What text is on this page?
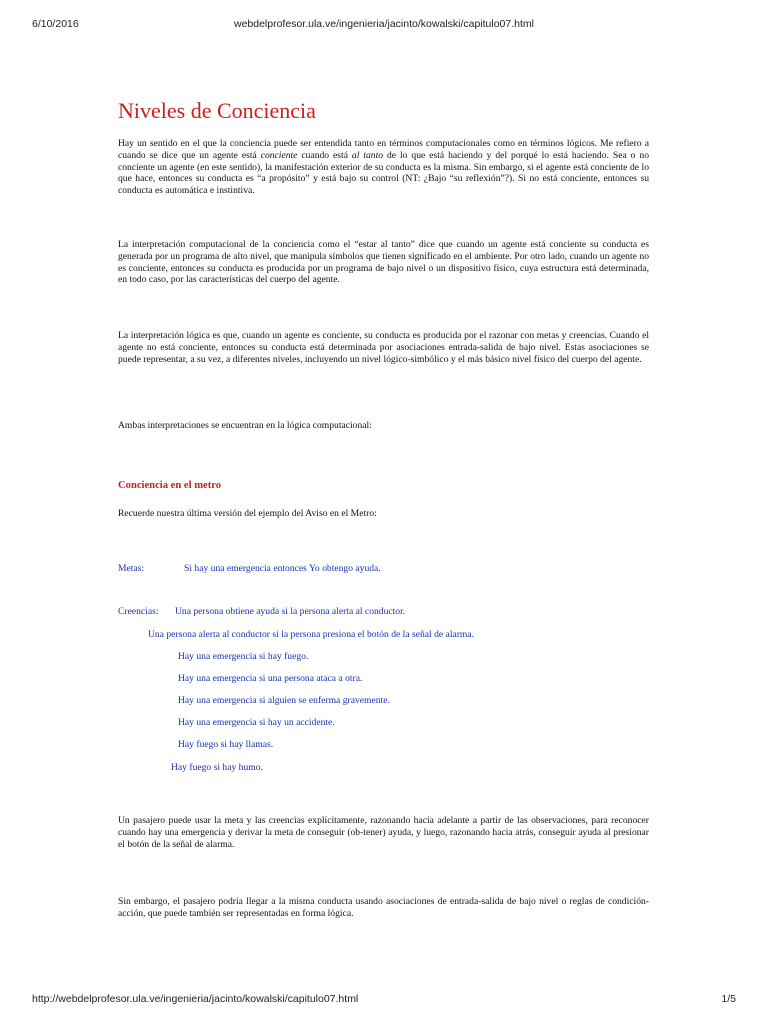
6/10/2016	webdelprofesor.ula.ve/ingenieria/jacinto/kowalski/capitulo07.html
Niveles de Conciencia

Hay un sentido en el que la conciencia puede ser entendida tanto en términos computacionales como en términos lógicos. Me refiero a cuando se dice que un agente está conciente cuando está al tanto de lo que está haciendo y del porqué lo está haciendo. Sea o no conciente un agente (en este sentido), la manifestación exterior de su conducta es la misma. Sin embargo, si el agente está conciente de lo que hace, entonces su conducta es “a propósito” y está bajo su control (NT: ¿Bajo “su reflexión”?). Si no está conciente, entonces su conducta es automática e instintiva.

La interpretación computacional de la conciencia como el “estar al tanto” dice que cuando un agente está conciente su conducta es generada por un programa de alto nivel, que manipula símbolos que tienen significado en el ambiente. Por otro lado, cuando un agente no es conciente, entonces su conducta es producida por un programa de bajo nivel o un dispositivo físico, cuya estructura está determinada, en todo caso, por las características del cuerpo del agente.

La interpretación lógica es que, cuando un agente es conciente, su conducta es producida por el razonar con metas y creencias. Cuando el agente no está conciente, entonces su conducta está determinada por asociaciones entrada-salida de bajo nivel. Estas asociaciones se puede representar, a su vez, a diferentes niveles, incluyendo un nivel lógico-simbólico y el más básico nivel físico del cuerpo del agente.

Ambas interpretaciones se encuentran en la lógica computacional:

Conciencia en el metro

Recuerde nuestra última versión del ejemplo del Aviso en el Metro:

Metas:	Si hay una emergencia entonces Yo obtengo ayuda.

Creencias: Una persona obtiene ayuda si la persona alerta al conductor.

Una persona alerta al conductor si la persona presiona el botón de la señal de alarma.

Hay una emergencia si hay fuego.

Hay una emergencia si una persona ataca a otra.

Hay una emergencia si alguien se enferma gravemente.

Hay una emergencia si hay un accidente.

Hay fuego si hay llamas.

Hay fuego si hay humo.

Un pasajero puede usar la meta y las creencias explícitamente, razonando hacia adelante a partir de las observaciones, para reconocer cuando hay una emergencia y derivar la meta de conseguir (ob-tener) ayuda, y luego, razonando hacia atrás, conseguir ayuda al presionar el botón de la señal de alarma.

Sin embargo, el pasajero podría llegar a la misma conducta usando asociaciones de entrada-salida de bajo nivel o reglas de condición-acción, que puede también ser representadas en forma lógica.

http://webdelprofesor.ula.ve/ingenieria/jacinto/kowalski/capitulo07.html	1/5
